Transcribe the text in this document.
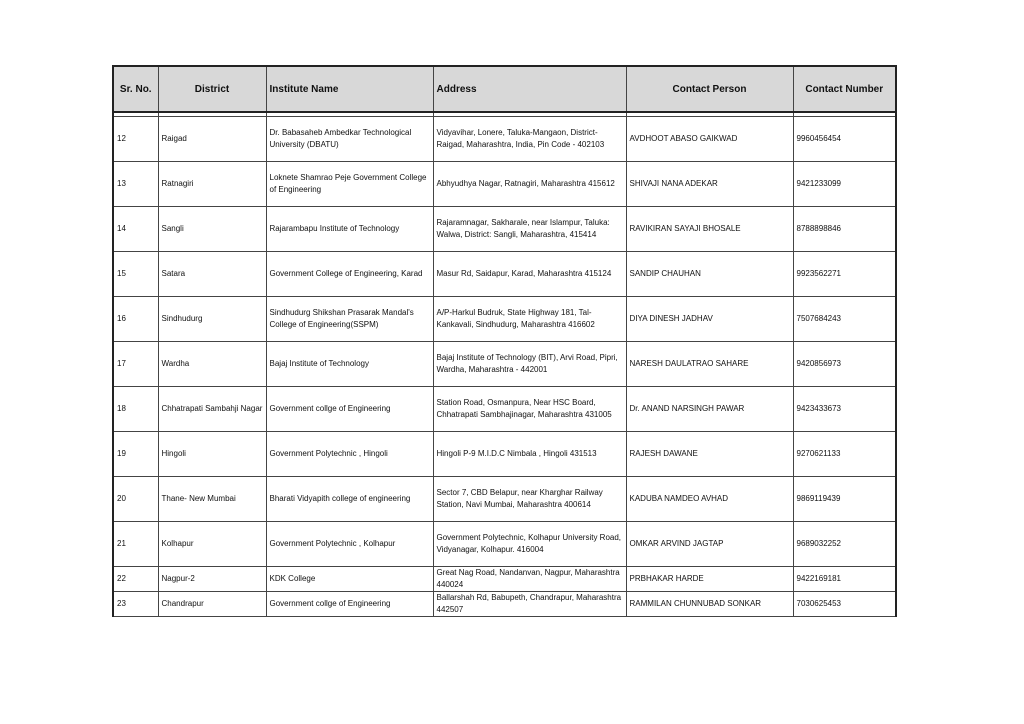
Sr. No.	District	Institute Name	Address	Contact Person	Contact Number

12	Raigad	Dr. Babasaheb Ambedkar Technological University (DBATU)	Vidyavihar, Lonere, Taluka-Mangaon, District-Raigad, Maharashtra, India, Pin Code - 402103	AVDHOOT ABASO GAIKWAD	9960456454
13	Ratnagiri	Loknete Shamrao Peje Government College of Engineering	Abhyudhya Nagar, Ratnagiri, Maharashtra 415612	SHIVAJI NANA ADEKAR	9421233099
14	Sangli	Rajarambapu Institute of Technology	Rajaramnagar, Sakharale, near Islampur, Taluka: Walwa, District: Sangli, Maharashtra, 415414	RAVIKIRAN SAYAJI BHOSALE	8788898846
15	Satara	Government College of Engineering, Karad	Masur Rd, Saidapur, Karad, Maharashtra 415124	SANDIP CHAUHAN	9923562271
16	Sindhudurg	Sindhudurg Shikshan Prasarak Mandal's College of Engineering(SSPM)	A/P-Harkul Budruk, State Highway 181, Tal-Kankavali, Sindhudurg, Maharashtra 416602	DIYA DINESH JADHAV	7507684243
17	Wardha	Bajaj Institute of Technology	Bajaj Institute of Technology (BIT), Arvi Road, Pipri, Wardha, Maharashtra - 442001	NARESH DAULATRAO SAHARE	9420856973
18	Chhatrapati Sambahji Nagar	Government collge of Engineering	Station Road, Osmanpura, Near HSC Board, Chhatrapati Sambhajinagar, Maharashtra 431005	Dr. ANAND NARSINGH PAWAR	9423433673
19	Hingoli	Government Polytechnic , Hingoli	Hingoli P-9 M.I.D.C Nimbala , Hingoli 431513	RAJESH DAWANE	9270621133
20	Thane- New Mumbai	Bharati Vidyapith college of engineering	Sector 7, CBD Belapur, near Kharghar Railway Station, Navi Mumbai, Maharashtra 400614	KADUBA NAMDEO AVHAD	9869119439
21	Kolhapur	Government Polytechnic , Kolhapur	Government Polytechnic, Kolhapur University Road, Vidyanagar, Kolhapur. 416004	OMKAR ARVIND JAGTAP	9689032252
22	Nagpur-2	KDK College	Great Nag Road, Nandanvan, Nagpur, Maharashtra 440024	PRBHAKAR HARDE	9422169181
23	Chandrapur	Government collge of Engineering	Ballarshah Rd, Babupeth, Chandrapur, Maharashtra 442507	RAMMILAN CHUNNUBAD SONKAR	7030625453
